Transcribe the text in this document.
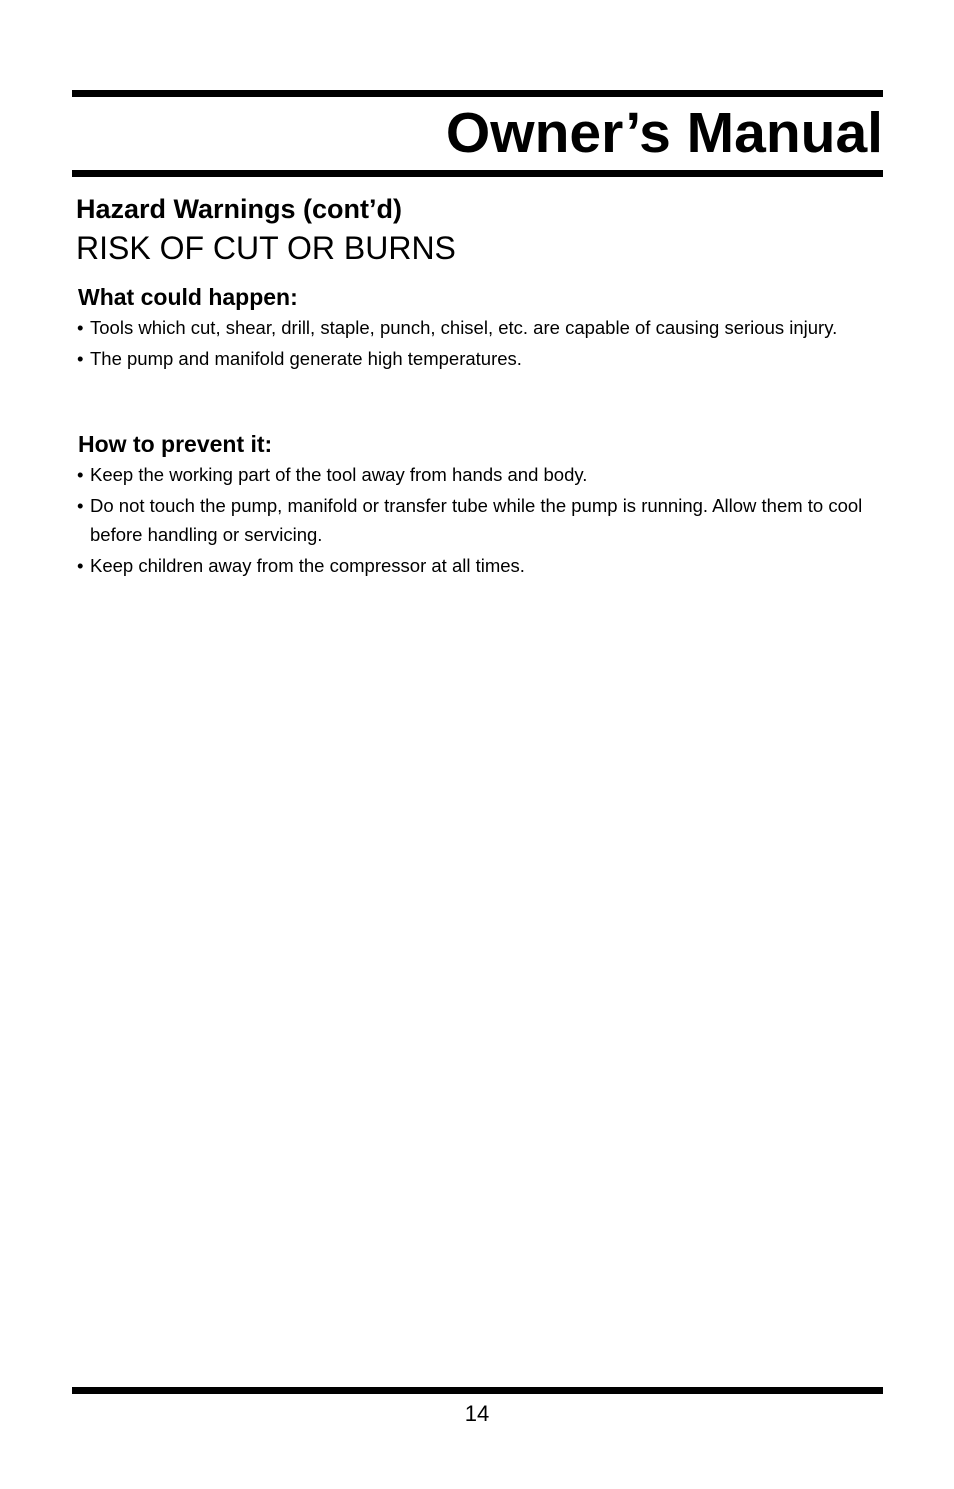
Owner’s Manual
Hazard Warnings (cont’d)
RISK OF CUT OR BURNS
What could happen:
• Tools which cut, shear, drill, staple, punch, chisel, etc. are capable of causing serious injury.
• The pump and manifold generate high temperatures.
How to prevent it:
• Keep the working part of the tool away from hands and body.
• Do not touch the pump, manifold or transfer tube while the pump is running. Allow them to cool before handling or servicing.
• Keep children away from the compressor at all times.
14
